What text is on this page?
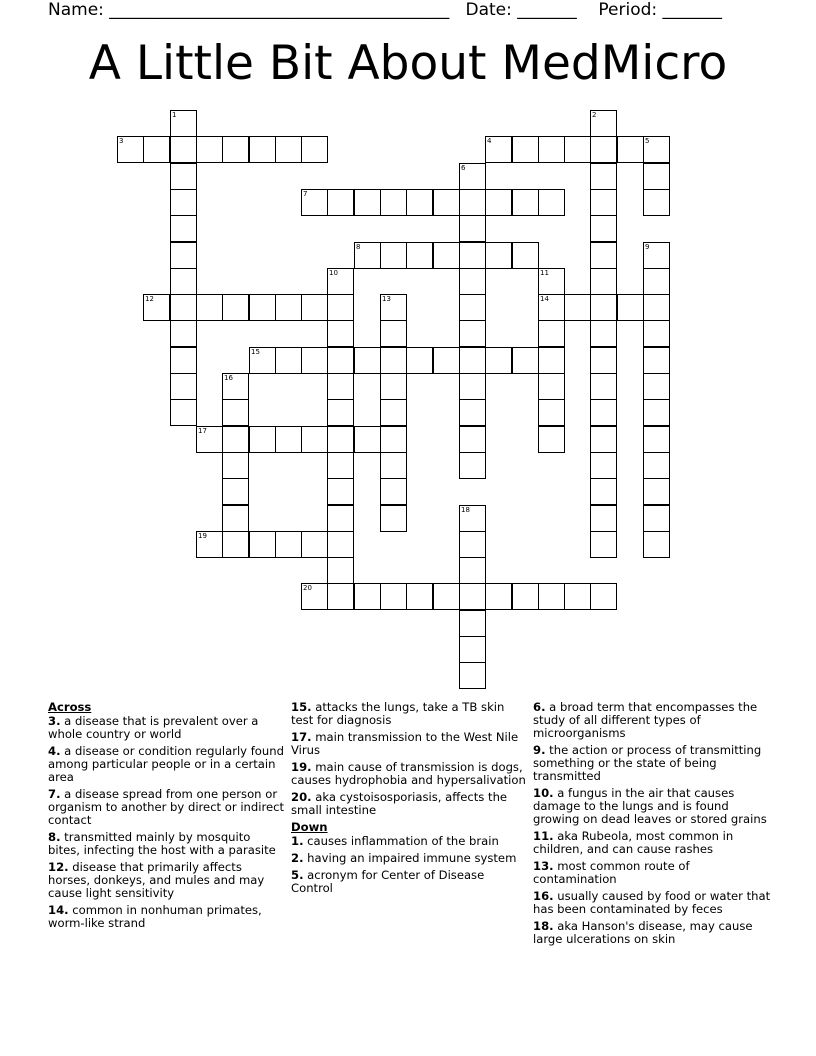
Name: ________________________________________   Date: _______    Period: _______
A Little Bit About MedMicro
1	2
3	4	5
6
7
8	9
10	11
14
12	13
15
16
17
18
19
20
Across
3. a disease that is prevalent over a whole country or world
4. a disease or condition regularly found among particular people or in a certain area
7. a disease spread from one person or organism to another by direct or indirect contact
8. transmitted mainly by mosquito bites, infecting the host with a parasite
12. disease that primarily affects horses, donkeys, and mules and may cause light sensitivity
14. common in nonhuman primates, worm-like strand
15. attacks the lungs, take a TB skin test for diagnosis
17. main transmission to the West Nile Virus
19. main cause of transmission is dogs, causes hydrophobia and hypersalivation
20. aka cystoisosporiasis, affects the small intestine
Down
1. causes inflammation of the brain
2. having an impaired immune system
5. acronym for Center of Disease Control
6. a broad term that encompasses the study of all different types of microorganisms
9. the action or process of transmitting something or the state of being transmitted
10. a fungus in the air that causes damage to the lungs and is found growing on dead leaves or stored grains
11. aka Rubeola, most common in children, and can cause rashes
13. most common route of contamination
16. usually caused by food or water that has been contaminated by feces
18. aka Hanson's disease, may cause large ulcerations on skin
